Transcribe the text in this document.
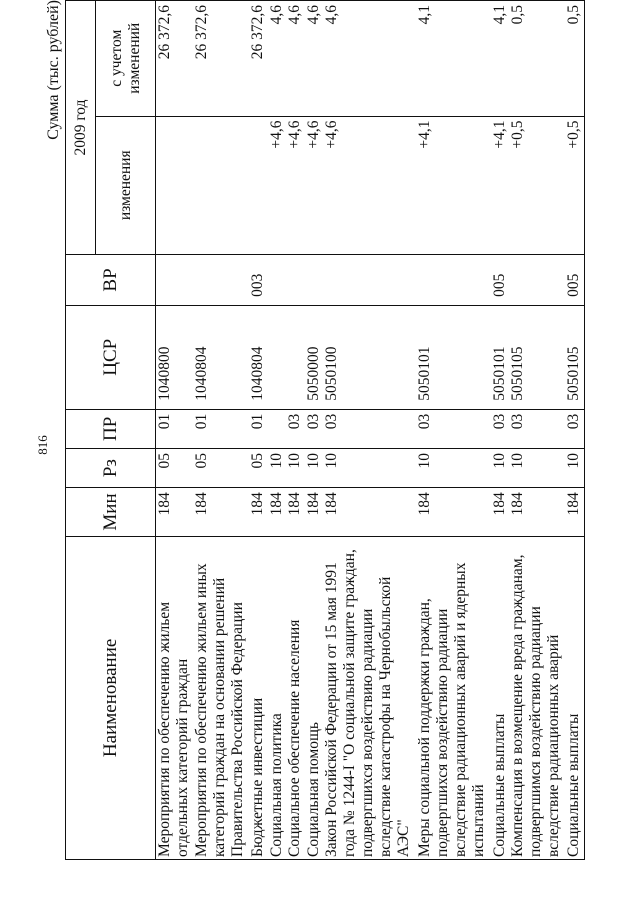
816
Сумма (тыс. рублей)
Наименование	Мин	Рз	ПР	ЦСР	ВР	2009 год	
						изменения	с учетом изменений
Мероприятия по обеспечению жильем отдельных категорий граждан	184	05	01	1040800			26 372,6
Мероприятия по обеспечению жильем иных категорий граждан на основании решений Правительства Российской Федерации	184	05	01	1040804			26 372,6
Бюджетные инвестиции	184	05	01	1040804	003		26 372,6
Социальная политика	184	10				+4,6	4,6
Социальное обеспечение населения	184	10	03			+4,6	4,6
Социальная помощь	184	10	03	5050000		+4,6	4,6
Закон Российской Федерации от 15 мая 1991 года № 1244-I "О социальной защите граждан, подвергшихся воздействию радиации вследствие катастрофы на Чернобыльской АЭС"	184	10	03	5050100		+4,6	4,6
Меры социальной поддержки граждан, подвергшихся воздействию радиации вследствие радиационных аварий и ядерных испытаний	184	10	03	5050101		+4,1	4,1
Социальные выплаты	184	10	03	5050101	005	+4,1	4,1
Компенсация в возмещение вреда гражданам, подвергшимся воздействию радиации вследствие радиационных аварий	184	10	03	5050105		+0,5	0,5
Социальные выплаты	184	10	03	5050105	005	+0,5	0,5
